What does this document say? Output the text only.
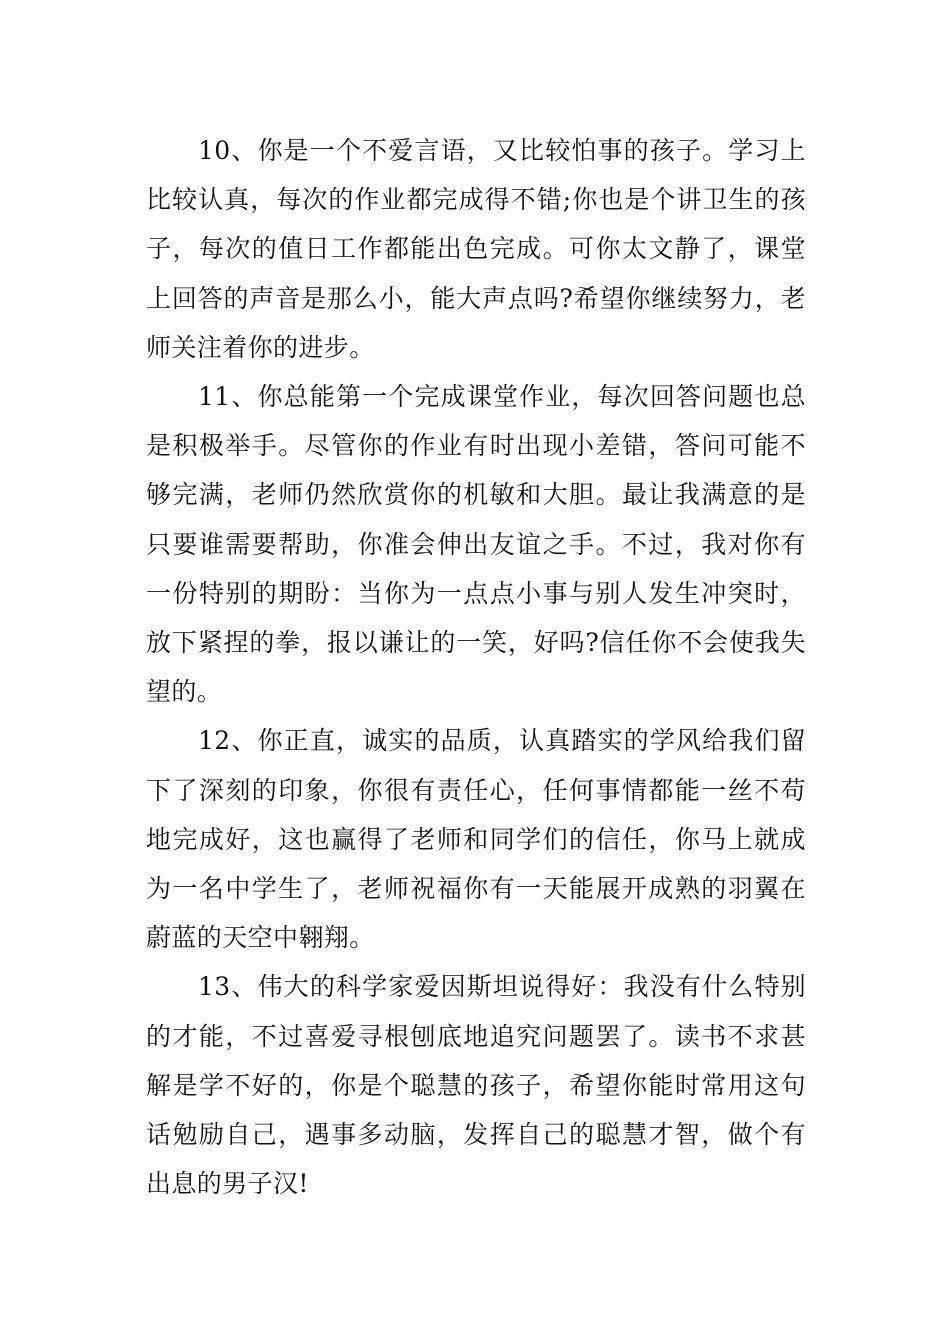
10、你是一个不爱言语，又比较怕事的孩子。学习上比较认真，每次的作业都完成得不错;你也是个讲卫生的孩子，每次的值日工作都能出色完成。可你太文静了，课堂上回答的声音是那么小，能大声点吗?希望你继续努力，老师关注着你的进步。

11、你总能第一个完成课堂作业，每次回答问题也总是积极举手。尽管你的作业有时出现小差错，答问可能不够完满，老师仍然欣赏你的机敏和大胆。最让我满意的是只要谁需要帮助，你准会伸出友谊之手。不过，我对你有一份特别的期盼：当你为一点点小事与别人发生冲突时，放下紧捏的拳，报以谦让的一笑，好吗?信任你不会使我失望的。

12、你正直，诚实的品质，认真踏实的学风给我们留下了深刻的印象，你很有责任心，任何事情都能一丝不苟地完成好，这也赢得了老师和同学们的信任，你马上就成为一名中学生了，老师祝福你有一天能展开成熟的羽翼在蔚蓝的天空中翱翔。

13、伟大的科学家爱因斯坦说得好：我没有什么特别的才能，不过喜爱寻根刨底地追究问题罢了。读书不求甚解是学不好的，你是个聪慧的孩子，希望你能时常用这句话勉励自己，遇事多动脑，发挥自己的聪慧才智，做个有出息的男子汉!
